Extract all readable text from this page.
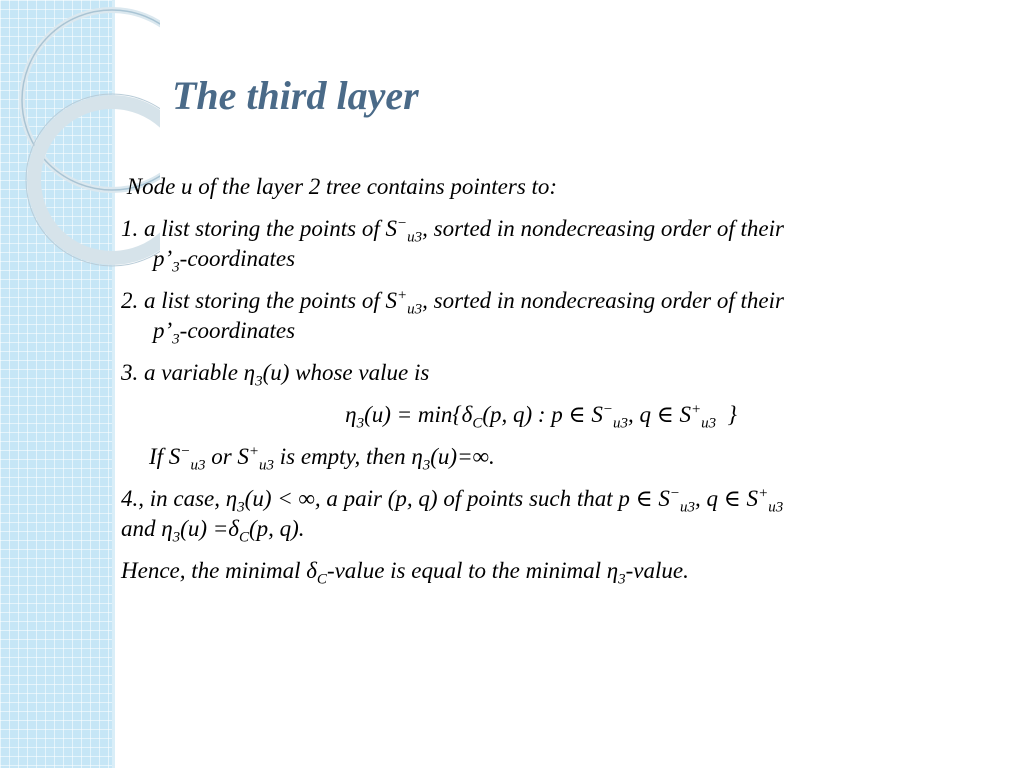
The third layer
Node u of the layer 2 tree contains pointers to:
1. a list storing the points of $S^-_{u3}$, sorted in nondecreasing order of their
$p’_3$-coordinates
2. a list storing the points of $S^+_{u3}$, sorted in nondecreasing order of their
$p’_3$-coordinates
3. a variable $\eta_3(u)$ whose value is
$\eta_3(u) = \min\{\delta_C(p$, q) : p ∈ $S^-_{u3}$, q ∈ $S^+_{u3}$  }
If $S^-_{u3}$ or $S^+_{u3}$ is empty, then $\eta_3(u)=\infty$.
4., in case, $\eta_3(u)$ < ∞, a pair (p, q) of points such that p ∈ $S^-_{u3}$, q ∈ $S^+_{u3}$
and $\eta_3(u) =\delta_C(p$, q).
Hence, the minimal $\delta_C$-value is equal to the minimal $\eta_3$-value.
